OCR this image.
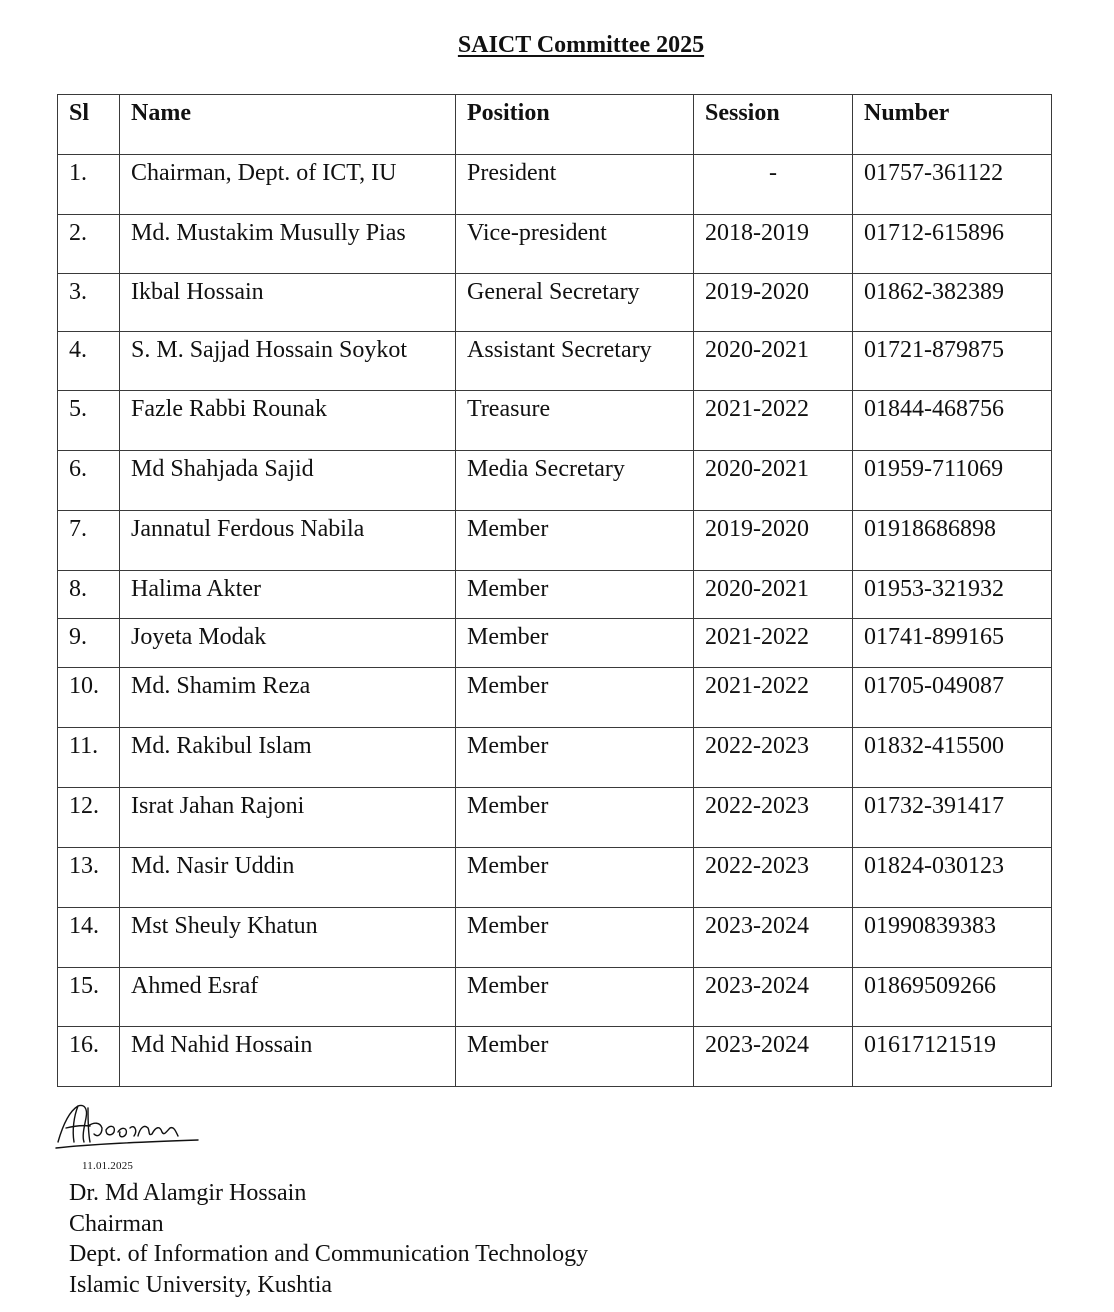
SAICT Committee 2025
Sl	Name	Position	Session	Number
1.	Chairman, Dept. of ICT, IU	President	-	01757-361122
2.	Md. Mustakim Musully Pias	Vice-president	2018-2019	01712-615896
3.	Ikbal Hossain	General Secretary	2019-2020	01862-382389
4.	S. M. Sajjad Hossain Soykot	Assistant Secretary	2020-2021	01721-879875
5.	Fazle Rabbi Rounak	Treasure	2021-2022	01844-468756
6.	Md Shahjada Sajid	Media Secretary	2020-2021	01959-711069
7.	Jannatul Ferdous Nabila	Member	2019-2020	01918686898
8.	Halima Akter	Member	2020-2021	01953-321932
9.	Joyeta Modak	Member	2021-2022	01741-899165
10.	Md. Shamim Reza	Member	2021-2022	01705-049087
11.	Md. Rakibul Islam	Member	2022-2023	01832-415500
12.	Israt Jahan Rajoni	Member	2022-2023	01732-391417
13.	Md. Nasir Uddin	Member	2022-2023	01824-030123
14.	Mst Sheuly Khatun	Member	2023-2024	01990839383
15.	Ahmed Esraf	Member	2023-2024	01869509266
16.	Md Nahid Hossain	Member	2023-2024	01617121519
11.01.2025
Dr. Md Alamgir Hossain
Chairman
Dept. of Information and Communication Technology
Islamic University, Kushtia
